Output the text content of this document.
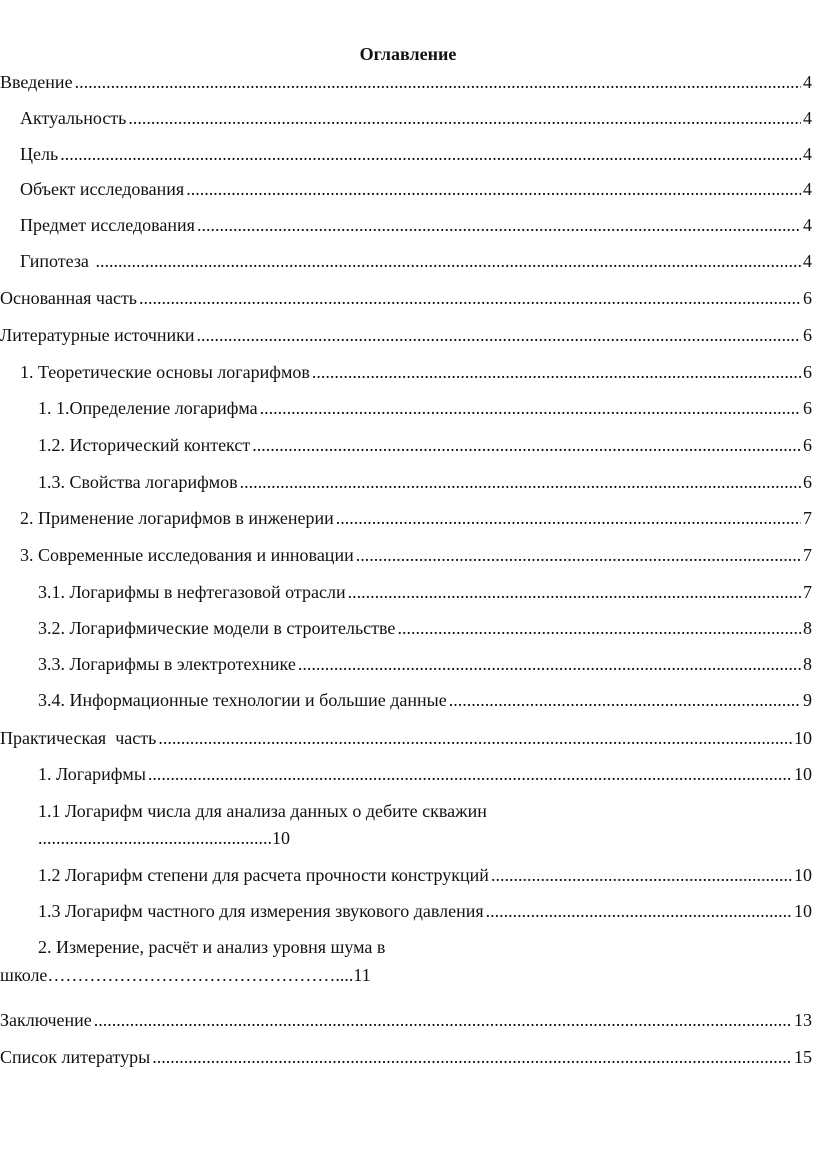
Оглавление
Введение .....	4
Актуальность .....	4
Цель .....	4
Объект исследования .....	4
Предмет исследования .....	4
Гипотеза .....	4
Основанная часть .....	6
Литературные источники .....	6
1. Теоретические основы логарифмов .....	6
1. 1.Определение логарифма .....	6
1.2. Исторический контекст .....	6
1.3. Свойства логарифмов .....	6
2. Применение логарифмов в инженерии .....	7
3. Современные исследования и инновации .....	7
3.1. Логарифмы в нефтегазовой отрасли .....	7
3.2. Логарифмические модели в строительстве .....	8
3.3. Логарифмы в электротехнике .....	8
3.4. Информационные технологии и большие данные .....	9
Практическая  часть .....	10
1. Логарифмы .....	10
1.1 Логарифм числа для анализа данных о дебите скважин
....................................................10
1.2 Логарифм степени для расчета прочности конструкций .....	10
1.3 Логарифм частного для измерения звукового давления .....	10
2. Измерение, расчёт и анализ уровня шума в
школе…………………………………………....11
Заключение .....	13
Список литературы .....	15
